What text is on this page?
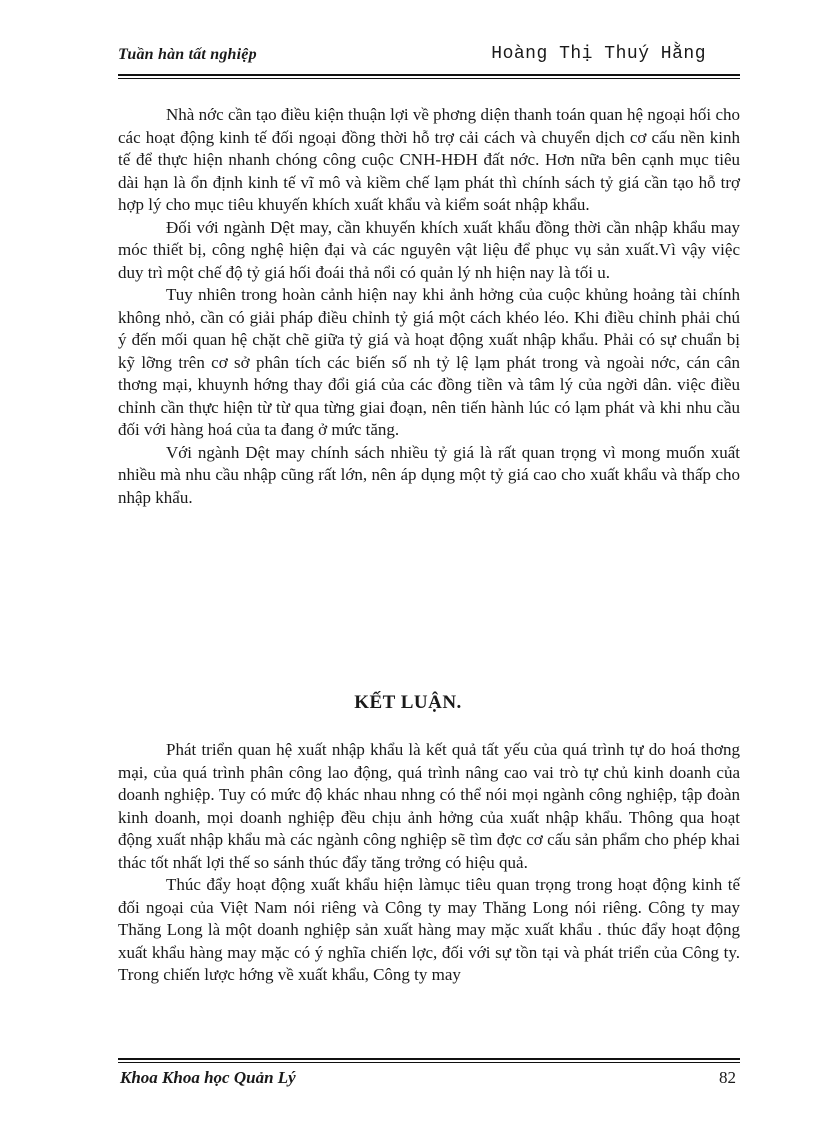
Tuần hàn tất nghiệp	Hoàng Thị Thuý Hằng

Nhà nớc cần tạo điều kiện thuận lợi về phơng diện thanh toán quan hệ ngoại hối cho các hoạt động kinh tế đối ngoại đồng thời hỗ trợ cải cách và chuyển dịch cơ cấu nền kinh tế để thực hiện nhanh chóng công cuộc CNH-HĐH đất nớc. Hơn nữa bên cạnh mục tiêu dài hạn là ổn định kinh tế vĩ mô và kiềm chế lạm phát thì chính sách tỷ giá cần tạo hỗ trợ hợp lý cho mục tiêu khuyến khích xuất khẩu và kiểm soát nhập khẩu.

Đối với ngành Dệt may, cần khuyến khích xuất khẩu đồng thời cần nhập khẩu may móc thiết bị, công nghệ hiện đại và các nguyên vật liệu để phục vụ sản xuất.Vì vậy việc duy trì một chế độ tỷ giá hối đoái thả nổi có quản lý nh hiện nay là tối u.

Tuy nhiên trong hoàn cảnh hiện nay khi ảnh hởng của cuộc khủng hoảng tài chính không nhỏ, cần có giải pháp điều chỉnh tỷ giá một cách khéo léo. Khi điều chỉnh phải chú ý đến mối quan hệ chặt chẽ giữa tỷ giá và hoạt động xuất nhập khẩu. Phải có sự chuẩn bị kỹ lỡng trên cơ sở phân tích các biến số nh tỷ lệ lạm phát trong và ngoài nớc, cán cân thơng mại, khuynh hớng thay đổi giá của các đồng tiền và tâm lý của ngời dân. việc điều chỉnh cần thực hiện từ từ qua từng giai đoạn, nên tiến hành lúc có lạm phát và khi nhu cầu đối với hàng hoá của ta đang ở mức tăng.

Với ngành Dệt may chính sách nhiều tỷ giá là rất quan trọng vì mong muốn xuất nhiều mà nhu cầu nhập cũng rất lớn, nên áp dụng một tỷ giá cao cho xuất khẩu và thấp cho nhập khẩu.

KẾT LUẬN.

Phát triển quan hệ xuất nhập khẩu là kết quả tất yếu của quá trình tự do hoá thơng mại, của quá trình phân công lao động, quá trình nâng cao vai trò tự chủ kinh doanh của doanh nghiệp. Tuy có mức độ khác nhau nhng có thể nói mọi ngành công nghiệp, tập đoàn kinh doanh, mọi doanh nghiệp đều chịu ảnh hởng của xuất nhập khẩu. Thông qua hoạt động xuất nhập khẩu mà các ngành công nghiệp sẽ tìm đợc cơ cấu sản phẩm cho phép khai thác tốt nhất lợi thế so sánh thúc đẩy tăng trởng có hiệu quả.

Thúc đẩy hoạt động xuất khẩu hiện làmục tiêu quan trọng trong hoạt động kinh tế đối ngoại của Việt Nam nói riêng và Công ty may Thăng Long nói riêng. Công ty may Thăng Long là một doanh nghiệp sản xuất hàng may mặc xuất khẩu . thúc đẩy hoạt động xuất khẩu hàng may mặc có ý nghĩa chiến lợc, đối với sự tồn tại và phát triển của Công ty. Trong chiến lược hớng về xuất khẩu, Công ty may

Khoa Khoa học Quản Lý	82
